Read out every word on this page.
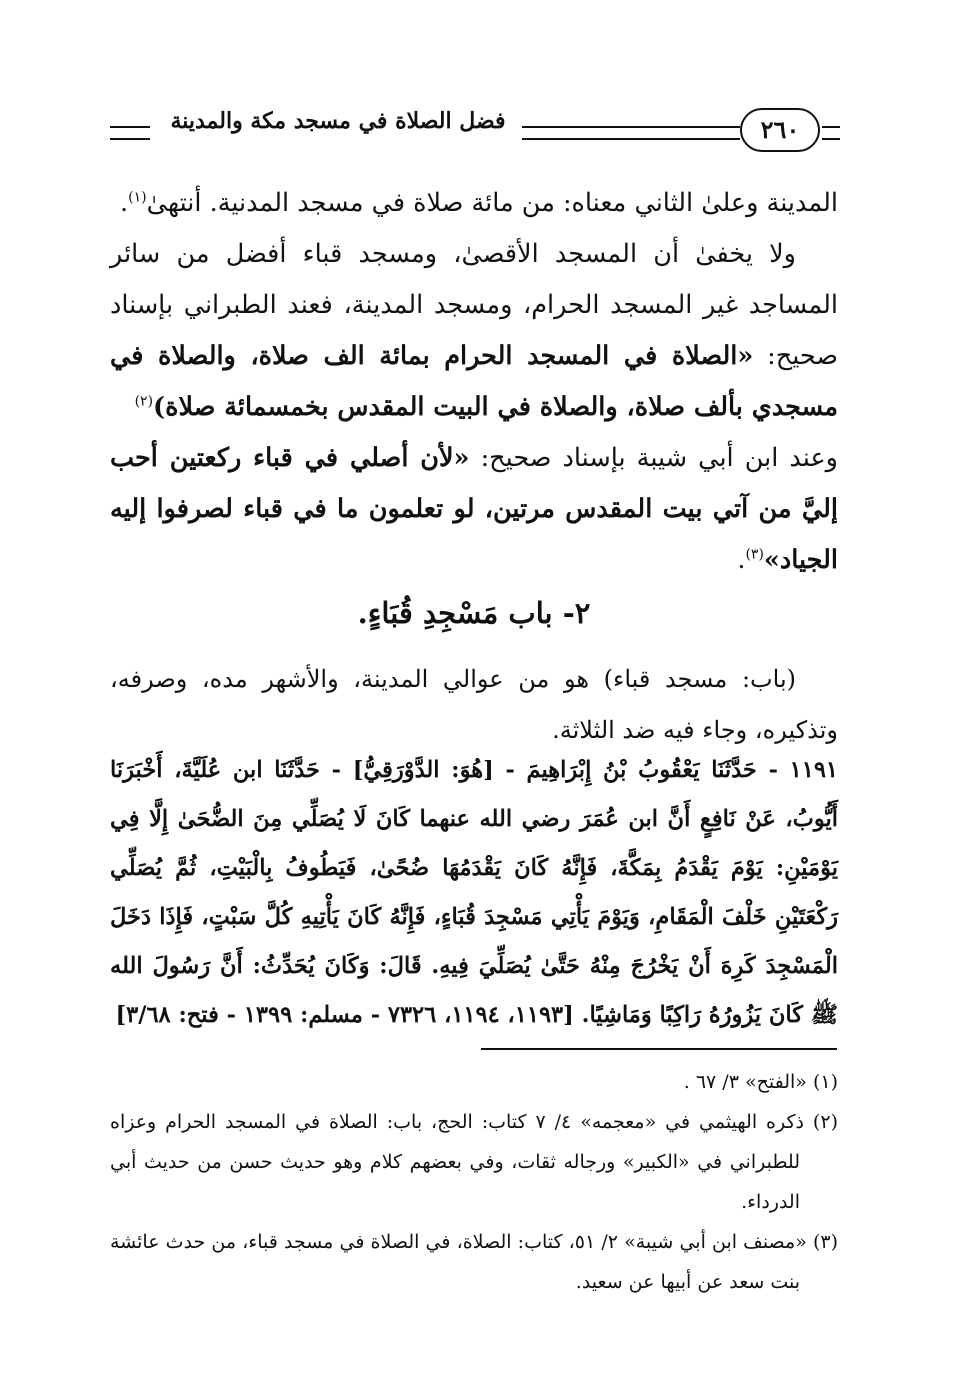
فضل الصلاة في مسجد مكة والمدينة	٢٦٠

المدينة وعلىٰ الثاني معناه: من مائة صلاة في مسجد المدنية. أنتهىٰ$^{(١)}$.

ولا يخفىٰ أن المسجد الأقصىٰ، ومسجد قباء أفضل من سائر المساجد غير المسجد الحرام، ومسجد المدينة، فعند الطبراني بإسناد صحيح: «الصلاة في المسجد الحرام بمائة الف صلاة، والصلاة في مسجدي بألف صلاة، والصلاة في البيت المقدس بخمسمائة صلاة)$^{(٢)}$

وعند ابن أبي شيبة بإسناد صحيح: «لأن أصلي في قباء ركعتين أحب إليَّ من آتي بيت المقدس مرتين، لو تعلمون ما في قباء لصرفوا إليه الجياد»$^{(٣)}$.

٢- باب مَسْجِدِ قُبَاءٍ.

(باب: مسجد قباء) هو من عوالي المدينة، والأشهر مده، وصرفه، وتذكيره، وجاء فيه ضد الثلاثة.

١١٩١ - حَدَّثَنَا يَعْقُوبُ بْنُ إِبْرَاهِيمَ - [هُوَ: الدَّوْرَقِيُّ] - حَدَّثَنَا ابن عُلَيَّةَ، أَخْبَرَنَا أَيُّوبُ، عَنْ نَافِعٍ أَنَّ ابن عُمَرَ رضي الله عنهما كَانَ لَا يُصَلِّي مِنَ الضُّحَىٰ إِلَّا فِي يَوْمَيْنِ: يَوْمَ يَقْدَمُ بِمَكَّةَ، فَإِنَّهُ كَانَ يَقْدَمُهَا ضُحًىٰ، فَيَطُوفُ بِالْبَيْتِ، ثُمَّ يُصَلِّي رَكْعَتَيْنِ خَلْفَ الْمَقَامِ، وَيَوْمَ يَأْتِي مَسْجِدَ قُبَاءٍ، فَإِنَّهُ كَانَ يَأْتِيهِ كُلَّ سَبْتٍ، فَإِذَا دَخَلَ الْمَسْجِدَ كَرِهَ أَنْ يَخْرُجَ مِنْهُ حَتَّىٰ يُصَلِّيَ فِيهِ. قَالَ: وَكَانَ يُحَدِّثُ: أَنَّ رَسُولَ الله ﷺ كَانَ يَزُورُهُ رَاكِبًا وَمَاشِيًا. [١١٩٣، ١١٩٤، ٧٣٢٦ - مسلم: ١٣٩٩ - فتح: ٣/٦٨]

(١) «الفتح» ٣/ ٦٧ .

(٢) ذكره الهيثمي في «معجمه» ٤/ ٧ كتاب: الحج، باب: الصلاة في المسجد الحرام وعزاه للطبراني في «الكبير» ورجاله ثقات، وفي بعضهم كلام وهو حديث حسن من حديث أبي الدرداء.

(٣) «مصنف ابن أبي شيبة» ٢/ ٥١، كتاب: الصلاة، في الصلاة في مسجد قباء، من حدث عائشة بنت سعد عن أبيها عن سعيد.
